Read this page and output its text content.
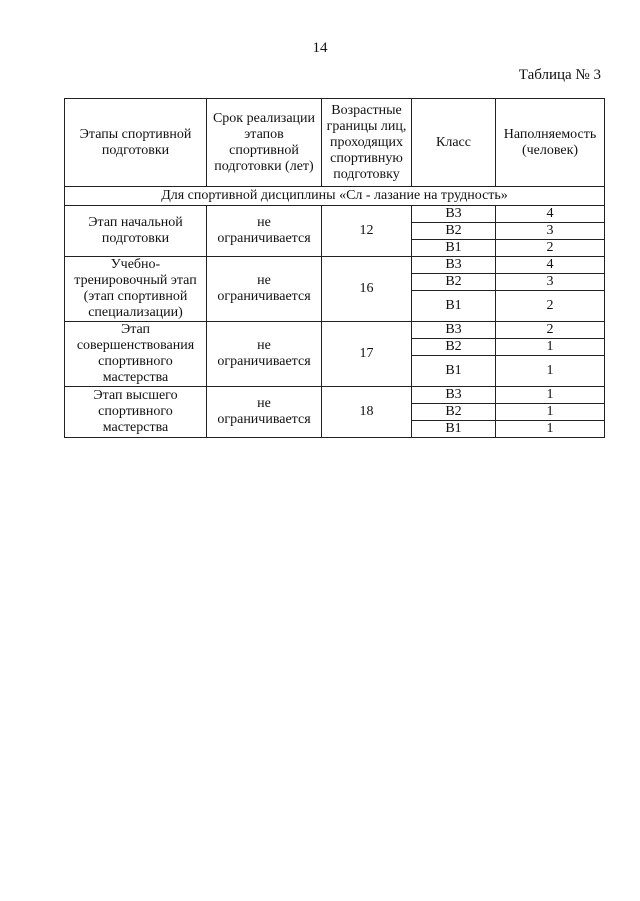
14
Таблица № 3
Этапы спортивной подготовки	Срок реализации этапов спортивной подготовки (лет)	Возрастные границы лиц, проходящих спортивную подготовку	Класс	Наполняемость (человек)
Для спортивной дисциплины «Сл - лазание на трудность»				
Этап начальной подготовки	не ограничивается	12	B3	4
			B2	3
			B1	2
Учебно-тренировочный этап (этап спортивной специализации)	не ограничивается	16	B3	4
			B2	3
			B1	2
Этап совершенствования спортивного мастерства	не ограничивается	17	B3	2
			B2	1
			B1	1
Этап высшего спортивного мастерства	не ограничивается	18	B3	1
			B2	1
			B1	1
